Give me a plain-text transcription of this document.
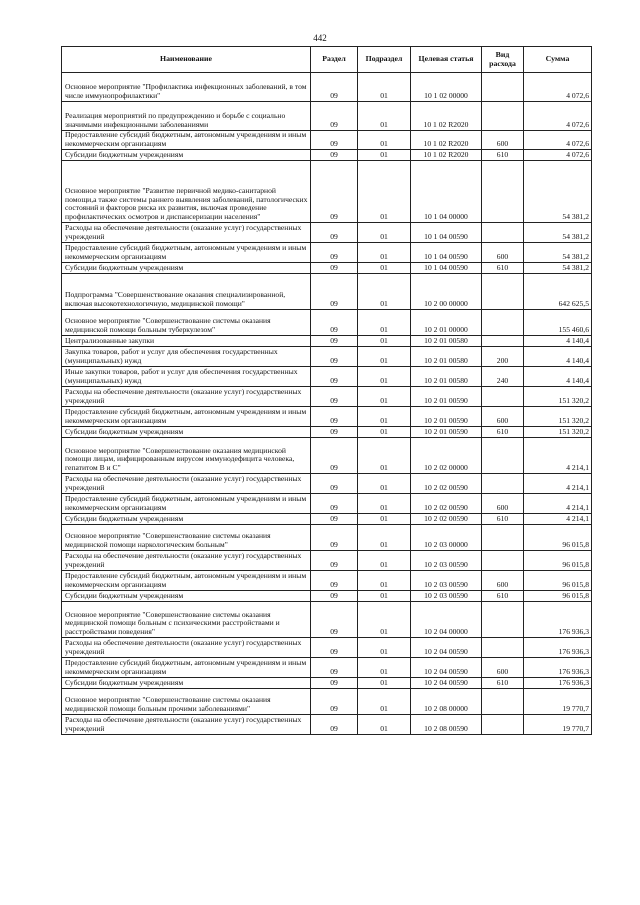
442
Наименование	Раздел	Подраздел	Целевая статья	Вид расхода	Сумма
Основное мероприятие "Профилактика инфекционных заболеваний, в том числе иммунопрофилактики"	09	01	10 1 02 00000		4 072,6
Реализация мероприятий по предупреждению и борьбе с социально значимыми инфекционными заболеваниями	09	01	10 1 02 R2020		4 072,6
Предоставление субсидий бюджетным, автономным учреждениям и иным некоммерческим организациям	09	01	10 1 02 R2020	600	4 072,6
Субсидии бюджетным учреждениям	09	01	10 1 02 R2020	610	4 072,6
Основное мероприятие "Развитие первичной медико-санитарной помощи,а также системы раннего выявления заболеваний, патологических состояний и факторов риска их развития, включая проведение профилактических осмотров и диспансеризации населения"	09	01	10 1 04 00000		54 381,2
Расходы на обеспечение деятельности (оказание услуг) государственных учреждений	09	01	10 1 04 00590		54 381,2
Предоставление субсидий бюджетным, автономным учреждениям и иным некоммерческим организациям	09	01	10 1 04 00590	600	54 381,2
Субсидии бюджетным учреждениям	09	01	10 1 04 00590	610	54 381,2
Подпрограмма "Совершенствование оказания специализированной, включая высокотехнологичную, медицинской помощи"	09	01	10 2 00 00000		642 625,5
Основное мероприятие "Совершенствование системы оказания медицинской помощи больным туберкулезом"	09	01	10 2 01 00000		155 460,6
Централизованные закупки	09	01	10 2 01 00580		4 140,4
Закупка товаров, работ и услуг для обеспечения государственных (муниципальных) нужд	09	01	10 2 01 00580	200	4 140,4
Иные закупки товаров, работ и услуг для обеспечения государственных (муниципальных) нужд	09	01	10 2 01 00580	240	4 140,4
Расходы на обеспечение деятельности (оказание услуг) государственных учреждений	09	01	10 2 01 00590		151 320,2
Предоставление субсидий бюджетным, автономным учреждениям и иным некоммерческим организациям	09	01	10 2 01 00590	600	151 320,2
Субсидии бюджетным учреждениям	09	01	10 2 01 00590	610	151 320,2
Основное мероприятие "Совершенствование оказания медицинской помощи лицам, инфицированным вирусом иммунодефицита человека, гепатитом В и С"	09	01	10 2 02 00000		4 214,1
Расходы на обеспечение деятельности (оказание услуг) государственных учреждений	09	01	10 2 02 00590		4 214,1
Предоставление субсидий бюджетным, автономным учреждениям и иным некоммерческим организациям	09	01	10 2 02 00590	600	4 214,1
Субсидии бюджетным учреждениям	09	01	10 2 02 00590	610	4 214,1
Основное мероприятие "Совершенствование системы оказания медицинской помощи наркологическим больным"	09	01	10 2 03 00000		96 015,8
Расходы на обеспечение деятельности (оказание услуг) государственных учреждений	09	01	10 2 03 00590		96 015,8
Предоставление субсидий бюджетным, автономным учреждениям и иным некоммерческим организациям	09	01	10 2 03 00590	600	96 015,8
Субсидии бюджетным учреждениям	09	01	10 2 03 00590	610	96 015,8
Основное мероприятие "Совершенствование системы оказания медицинской помощи больным с психическими расстройствами и расстройствами поведения"	09	01	10 2 04 00000		176 936,3
Расходы на обеспечение деятельности (оказание услуг) государственных учреждений	09	01	10 2 04 00590		176 936,3
Предоставление субсидий бюджетным, автономным учреждениям и иным некоммерческим организациям	09	01	10 2 04 00590	600	176 936,3
Субсидии бюджетным учреждениям	09	01	10 2 04 00590	610	176 936,3
Основное мероприятие "Совершенствование системы оказания медицинской помощи больным прочими заболеваниями"	09	01	10 2 08 00000		19 770,7
Расходы на обеспечение деятельности (оказание услуг) государственных учреждений	09	01	10 2 08 00590		19 770,7
